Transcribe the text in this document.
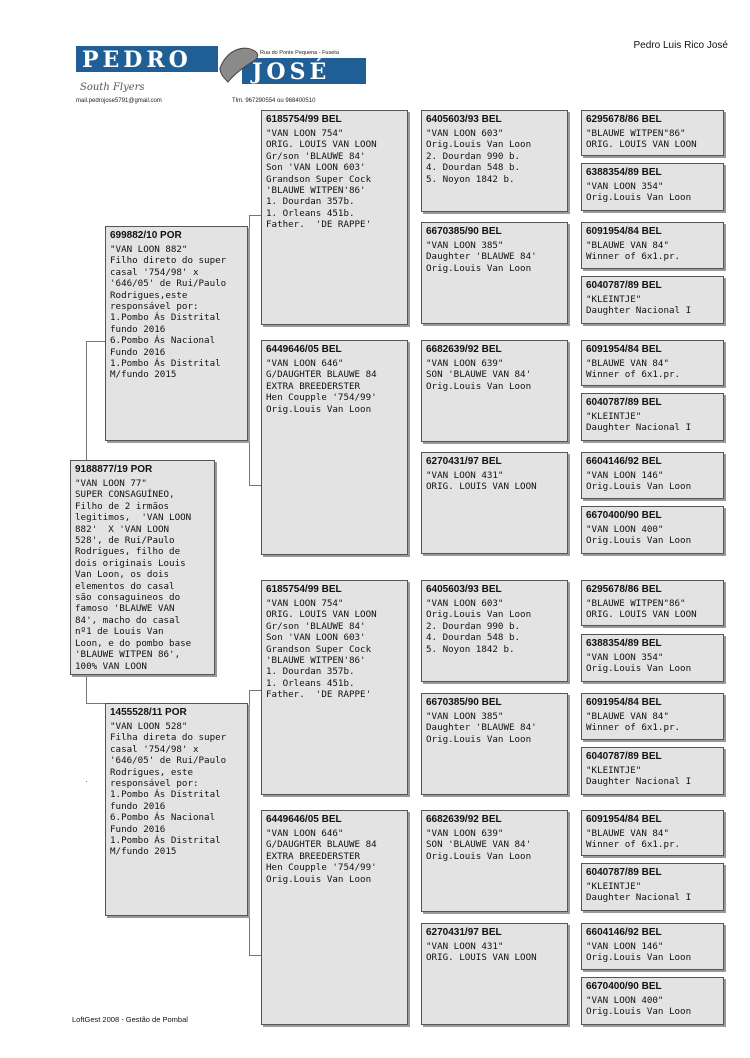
PEDRO	JOSÉ
Rua do Ponte Pequena - Fuseta
South Flyers
mail.pedrojose5791@gmail.com	Tlm. 967290554 ou 968400510
Pedro Luis Rico José
9188877/19 POR
"VAN LOON 77"
SUPER CONSAGUÍNEO,
Filho de 2 irmãos
legitimos,  'VAN LOON
882'  X 'VAN LOON
528', de Rui/Paulo
Rodrigues, filho de
dois originais Louis
Van Loon, os dois
elementos do casal
são consaguineos do
famoso 'BLAUWE VAN
84', macho do casal
nº1 de Louis Van
Loon, e do pombo base
'BLAUWE WITPEN 86',
100% VAN LOON
699882/10 POR
"VAN LOON 882"
Filho direto do super
casal '754/98' x
'646/05' de Rui/Paulo
Rodrigues,este
responsável por:
1.Pombo Ás Distrital
fundo 2016
6.Pombo Ás Nacional
Fundo 2016
1.Pombo Ás Distrital
M/fundo 2015
1455528/11 POR
"VAN LOON 528"
Filha direta do super
casal '754/98' x
'646/05' de Rui/Paulo
Rodrigues, este
responsável por:
1.Pombo Ás Distrital
fundo 2016
6.Pombo Ás Nacional
Fundo 2016
1.Pombo Ás Distrital
M/fundo 2015
6185754/99 BEL
"VAN LOON 754"
ORIG. LOUIS VAN LOON
Gr/son 'BLAUWE 84'
Son 'VAN LOON 603'
Grandson Super Cock
'BLAUWE WITPEN'86'
1. Dourdan 357b.
1. Orleans 451b.
Father.  'DE RAPPE'
6449646/05 BEL
"VAN LOON 646"
G/DAUGHTER BLAUWE 84
EXTRA BREEDERSTER
Hen Coupple '754/99'
Orig.Louis Van Loon
6185754/99 BEL
"VAN LOON 754"
ORIG. LOUIS VAN LOON
Gr/son 'BLAUWE 84'
Son 'VAN LOON 603'
Grandson Super Cock
'BLAUWE WITPEN'86'
1. Dourdan 357b.
1. Orleans 451b.
Father.  'DE RAPPE'
6449646/05 BEL
"VAN LOON 646"
G/DAUGHTER BLAUWE 84
EXTRA BREEDERSTER
Hen Coupple '754/99'
Orig.Louis Van Loon
6405603/93 BEL
"VAN LOON 603"
Orig.Louis Van Loon
2. Dourdan 990 b.
4. Dourdan 548 b.
5. Noyon 1842 b.
6670385/90 BEL
"VAN LOON 385"
Daughter 'BLAUWE 84'
Orig.Louis Van Loon
6682639/92 BEL
"VAN LOON 639"
SON 'BLAUWE VAN 84'
Orig.Louis Van Loon
6270431/97 BEL
"VAN LOON 431"
ORIG. LOUIS VAN LOON
6405603/93 BEL
"VAN LOON 603"
Orig.Louis Van Loon
2. Dourdan 990 b.
4. Dourdan 548 b.
5. Noyon 1842 b.
6670385/90 BEL
"VAN LOON 385"
Daughter 'BLAUWE 84'
Orig.Louis Van Loon
6682639/92 BEL
"VAN LOON 639"
SON 'BLAUWE VAN 84'
Orig.Louis Van Loon
6270431/97 BEL
"VAN LOON 431"
ORIG. LOUIS VAN LOON
6295678/86 BEL
"BLAUWE WITPEN"86"
ORIG. LOUIS VAN LOON
6388354/89 BEL
"VAN LOON 354"
Orig.Louis Van Loon
6091954/84 BEL
"BLAUWE VAN 84"
Winner of 6x1.pr.
6040787/89 BEL
"KLEINTJE"
Daughter Nacional I
6091954/84 BEL
"BLAUWE VAN 84"
Winner of 6x1.pr.
6040787/89 BEL
"KLEINTJE"
Daughter Nacional I
6604146/92 BEL
"VAN LOON 146"
Orig.Louis Van Loon
6670400/90 BEL
"VAN LOON 400"
Orig.Louis Van Loon
6295678/86 BEL
"BLAUWE WITPEN"86"
ORIG. LOUIS VAN LOON
6388354/89 BEL
"VAN LOON 354"
Orig.Louis Van Loon
6091954/84 BEL
"BLAUWE VAN 84"
Winner of 6x1.pr.
6040787/89 BEL
"KLEINTJE"
Daughter Nacional I
6091954/84 BEL
"BLAUWE VAN 84"
Winner of 6x1.pr.
6040787/89 BEL
"KLEINTJE"
Daughter Nacional I
6604146/92 BEL
"VAN LOON 146"
Orig.Louis Van Loon
6670400/90 BEL
"VAN LOON 400"
Orig.Louis Van Loon
LoftGest 2008 - Gestão de Pombal
